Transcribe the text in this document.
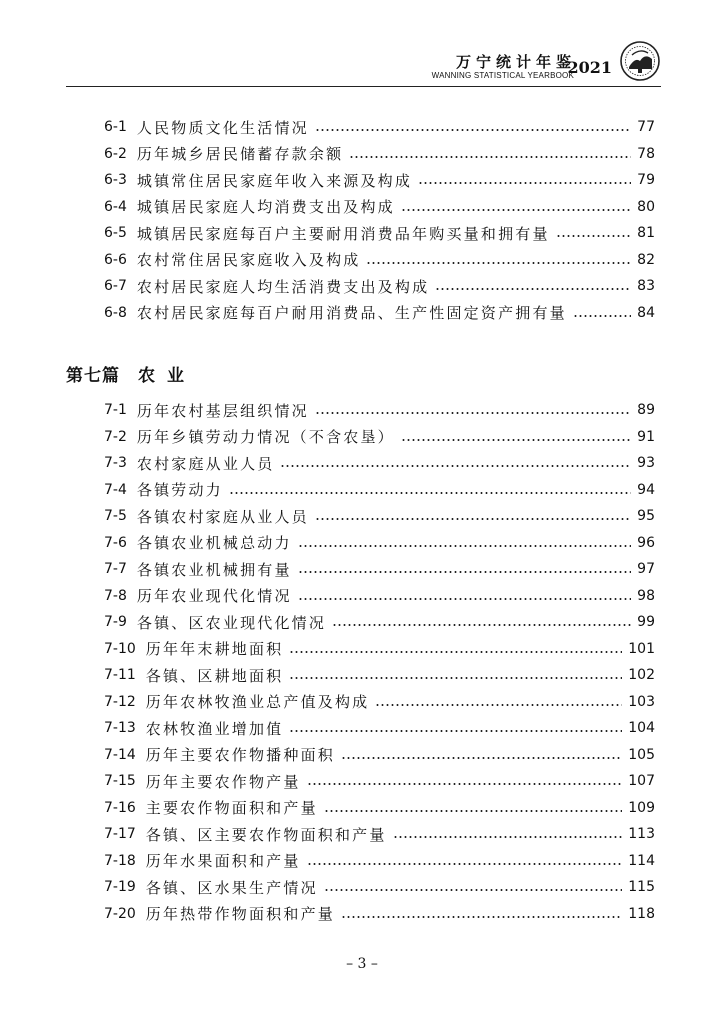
万宁统计年鉴
WANNING STATISTICAL YEARBOOK
2021
6-1 人民物质文化生活情况	77
6-2 历年城乡居民储蓄存款余额	78
6-3 城镇常住居民家庭年收入来源及构成	79
6-4 城镇居民家庭人均消费支出及构成	80
6-5 城镇居民家庭每百户主要耐用消费品年购买量和拥有量	81
6-6 农村常住居民家庭收入及构成	82
6-7 农村居民家庭人均生活消费支出及构成	83
6-8 农村居民家庭每百户耐用消费品、生产性固定资产拥有量	84
第七篇 农业
7-1 历年农村基层组织情况	89
7-2 历年乡镇劳动力情况（不含农垦）	91
7-3 农村家庭从业人员	93
7-4 各镇劳动力	94
7-5 各镇农村家庭从业人员	95
7-6 各镇农业机械总动力	96
7-7 各镇农业机械拥有量	97
7-8 历年农业现代化情况	98
7-9 各镇、区农业现代化情况	99
7-10 历年年末耕地面积	101
7-11 各镇、区耕地面积	102
7-12 历年农林牧渔业总产值及构成	103
7-13 农林牧渔业增加值	104
7-14 历年主要农作物播种面积	105
7-15 历年主要农作物产量	107
7-16 主要农作物面积和产量	109
7-17 各镇、区主要农作物面积和产量	113
7-18 历年水果面积和产量	114
7-19 各镇、区水果生产情况	115
7-20 历年热带作物面积和产量	118
– 3 –
